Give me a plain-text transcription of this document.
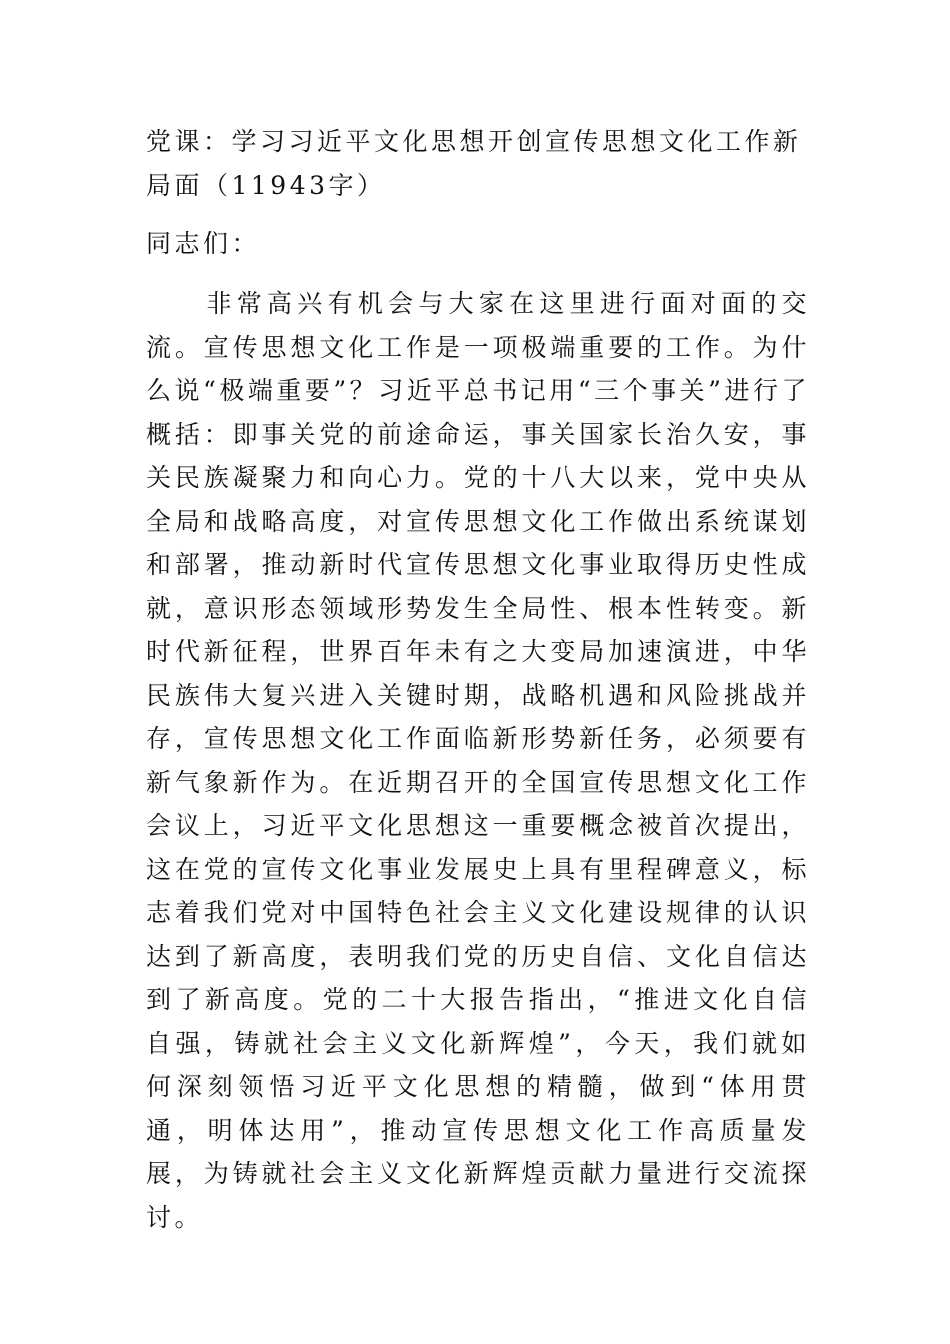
党课：学习习近平文化思想开创宣传思想文化工作新局面（11943字）
同志们：
　　非常高兴有机会与大家在这里进行面对面的交流。宣传思想文化工作是一项极端重要的工作。为什么说“极端重要”？习近平总书记用“三个事关”进行了概括：即事关党的前途命运，事关国家长治久安，事关民族凝聚力和向心力。党的十八大以来，党中央从全局和战略高度，对宣传思想文化工作做出系统谋划和部署，推动新时代宣传思想文化事业取得历史性成就，意识形态领域形势发生全局性、根本性转变。新时代新征程，世界百年未有之大变局加速演进，中华民族伟大复兴进入关键时期，战略机遇和风险挑战并存，宣传思想文化工作面临新形势新任务，必须要有新气象新作为。在近期召开的全国宣传思想文化工作会议上，习近平文化思想这一重要概念被首次提出，这在党的宣传文化事业发展史上具有里程碑意义，标志着我们党对中国特色社会主义文化建设规律的认识达到了新高度，表明我们党的历史自信、文化自信达到了新高度。党的二十大报告指出，“推进文化自信自强，铸就社会主义文化新辉煌”，今天，我们就如何深刻领悟习近平文化思想的精髓，做到“体用贯通，明体达用”，推动宣传思想文化工作高质量发展，为铸就社会主义文化新辉煌贡献力量进行交流探讨。
